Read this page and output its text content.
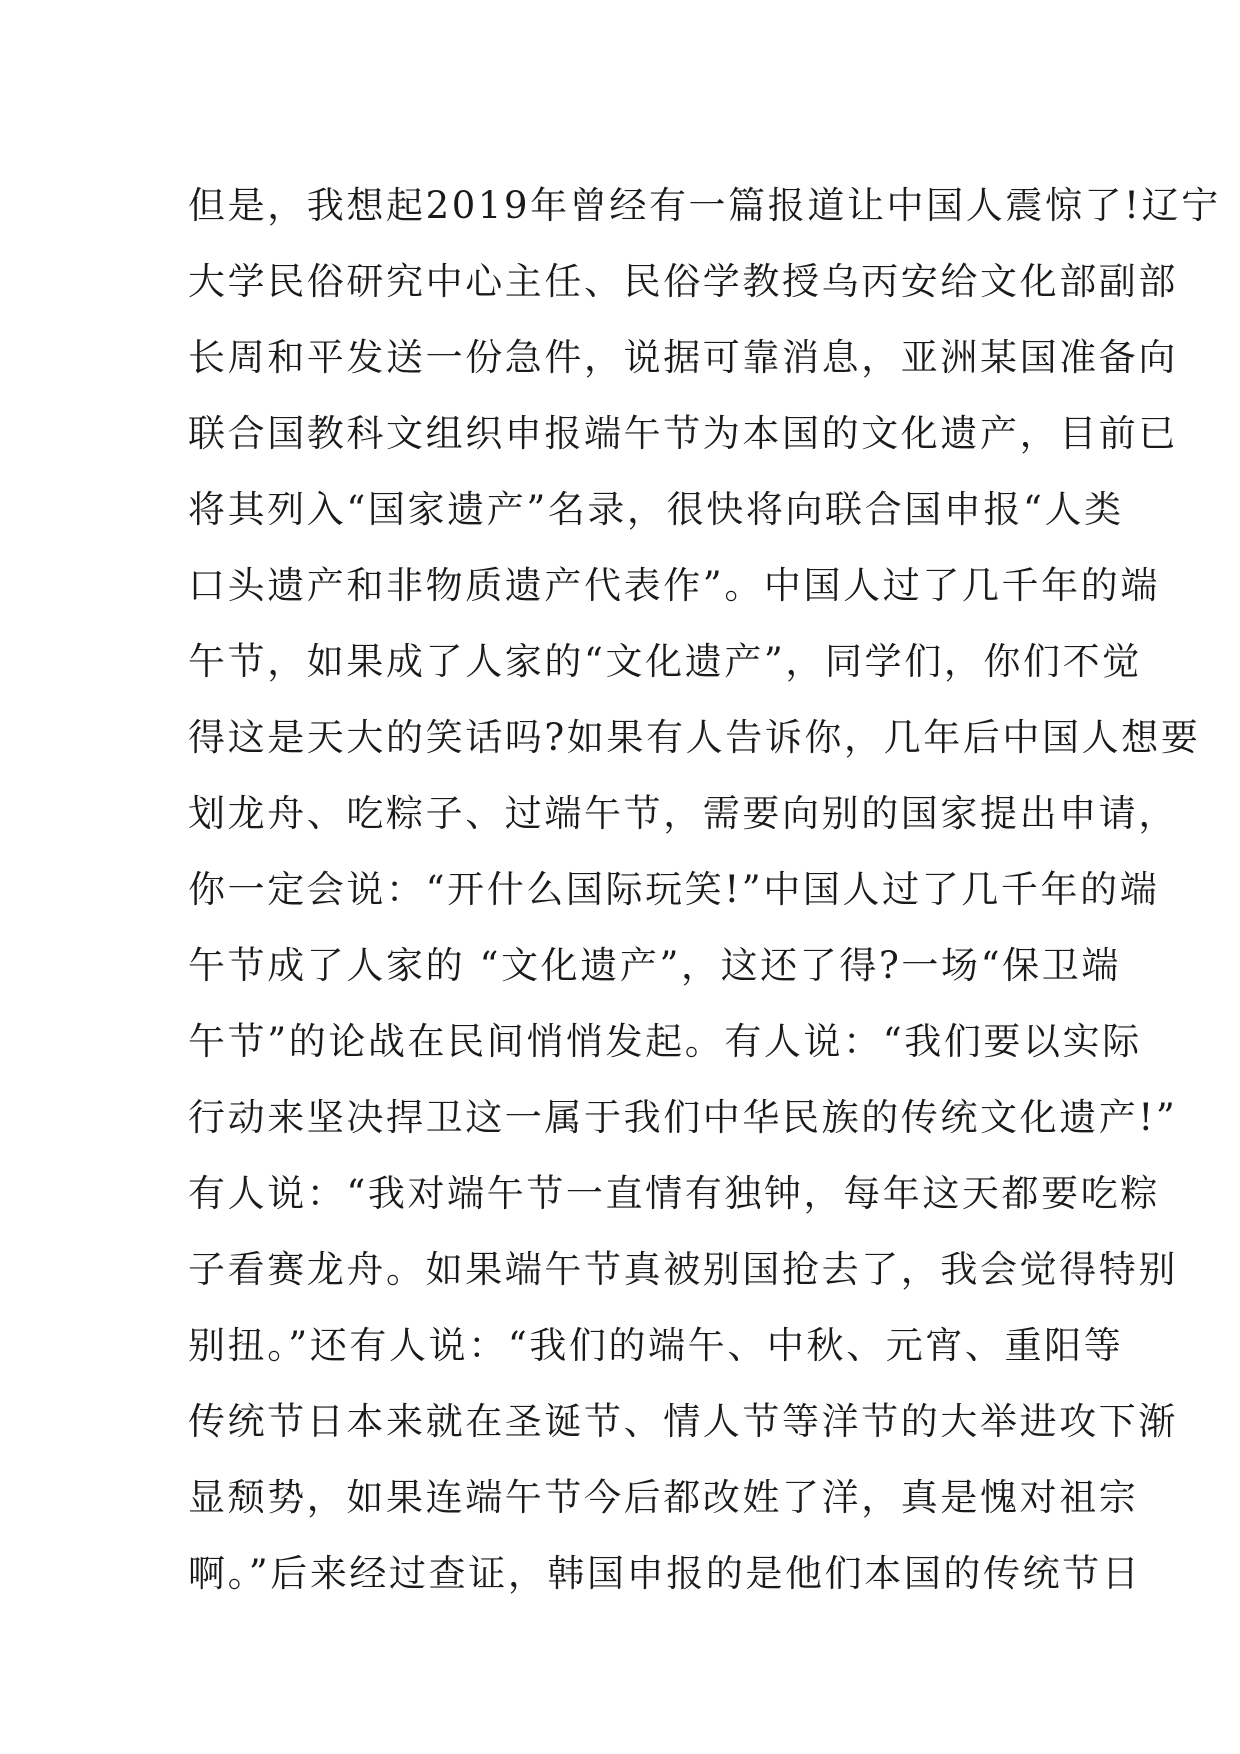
但是，我想起2019年曾经有一篇报道让中国人震惊了!辽宁
大学民俗研究中心主任、民俗学教授乌丙安给文化部副部
长周和平发送一份急件，说据可靠消息，亚洲某国准备向
联合国教科文组织申报端午节为本国的文化遗产，目前已
将其列入“国家遗产”名录，很快将向联合国申报“人类
口头遗产和非物质遗产代表作”。中国人过了几千年的端
午节，如果成了人家的“文化遗产”，同学们，你们不觉
得这是天大的笑话吗?如果有人告诉你，几年后中国人想要
划龙舟、吃粽子、过端午节，需要向别的国家提出申请，
你一定会说：“开什么国际玩笑!”中国人过了几千年的端
午节成了人家的 “文化遗产”，这还了得?一场“保卫端
午节”的论战在民间悄悄发起。有人说：“我们要以实际
行动来坚决捍卫这一属于我们中华民族的传统文化遗产!”
有人说：“我对端午节一直情有独钟，每年这天都要吃粽
子看赛龙舟。如果端午节真被别国抢去了，我会觉得特别
别扭。”还有人说：“我们的端午、中秋、元宵、重阳等
传统节日本来就在圣诞节、情人节等洋节的大举进攻下渐
显颓势，如果连端午节今后都改姓了洋，真是愧对祖宗
啊。”后来经过查证，韩国申报的是他们本国的传统节日
